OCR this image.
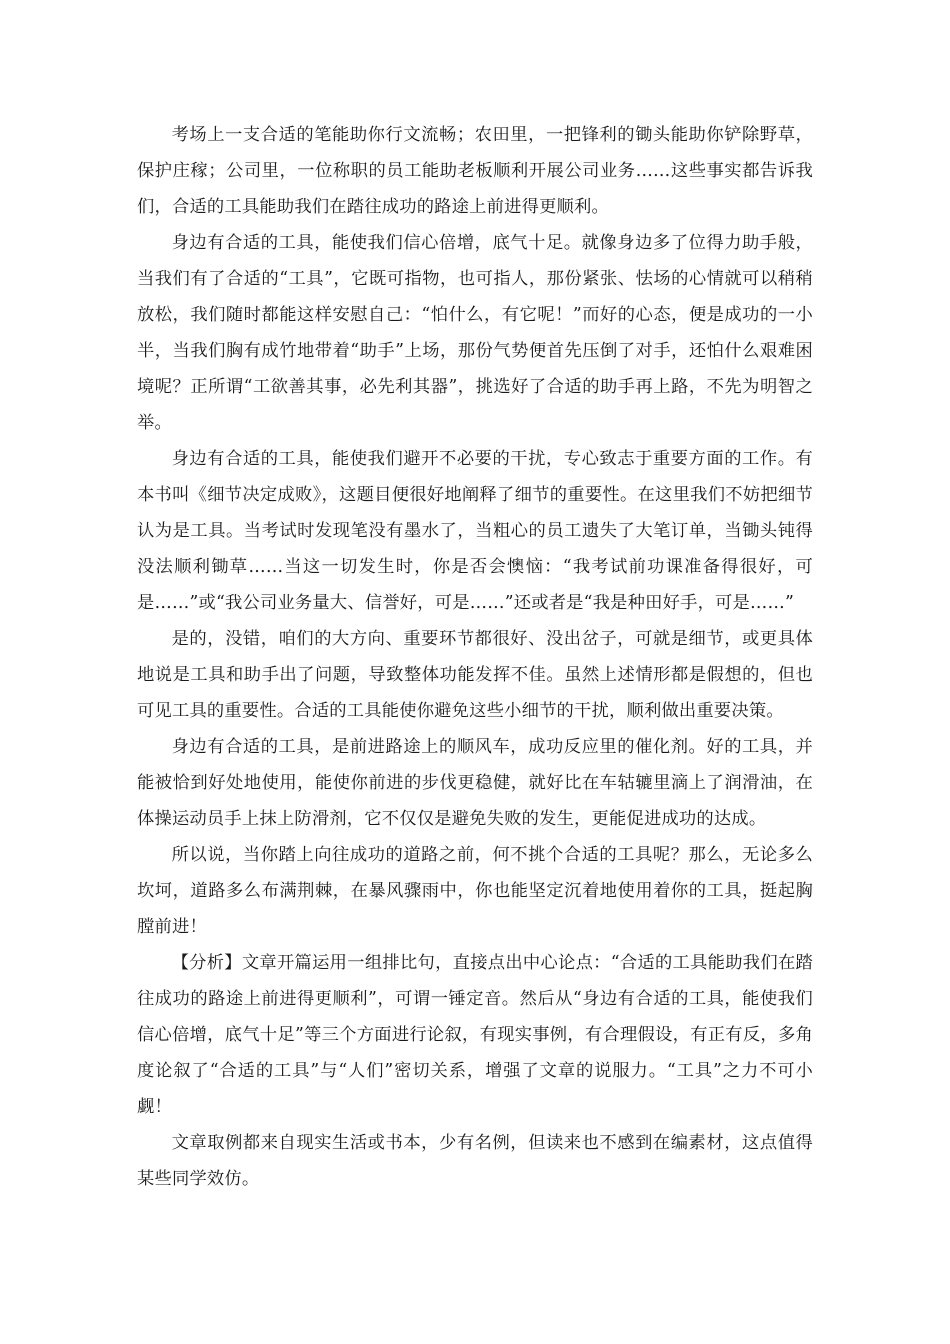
考场上一支合适的笔能助你行文流畅；农田里，一把锋利的锄头能助你铲除野草，保护庄稼；公司里，一位称职的员工能助老板顺利开展公司业务……这些事实都告诉我们，合适的工具能助我们在踏往成功的路途上前进得更顺利。

身边有合适的工具，能使我们信心倍增，底气十足。就像身边多了位得力助手般，当我们有了合适的“工具”，它既可指物，也可指人，那份紧张、怯场的心情就可以稍稍放松，我们随时都能这样安慰自己：“怕什么，有它呢！”而好的心态，便是成功的一小半，当我们胸有成竹地带着“助手”上场，那份气势便首先压倒了对手，还怕什么艰难困境呢？正所谓“工欲善其事，必先利其器”，挑选好了合适的助手再上路，不先为明智之举。

身边有合适的工具，能使我们避开不必要的干扰，专心致志于重要方面的工作。有本书叫《细节决定成败》，这题目便很好地阐释了细节的重要性。在这里我们不妨把细节认为是工具。当考试时发现笔没有墨水了，当粗心的员工遗失了大笔订单，当锄头钝得没法顺利锄草……当这一切发生时，你是否会懊恼：“我考试前功课准备得很好，可是……”或“我公司业务量大、信誉好，可是……”还或者是“我是种田好手，可是……”

是的，没错，咱们的大方向、重要环节都很好、没出岔子，可就是细节，或更具体地说是工具和助手出了问题，导致整体功能发挥不佳。虽然上述情形都是假想的，但也可见工具的重要性。合适的工具能使你避免这些小细节的干扰，顺利做出重要决策。

身边有合适的工具，是前进路途上的顺风车，成功反应里的催化剂。好的工具，并能被恰到好处地使用，能使你前进的步伐更稳健，就好比在车轱辘里滴上了润滑油，在体操运动员手上抹上防滑剂，它不仅仅是避免失败的发生，更能促进成功的达成。

所以说，当你踏上向往成功的道路之前，何不挑个合适的工具呢？那么，无论多么坎坷，道路多么布满荆棘，在暴风骤雨中，你也能坚定沉着地使用着你的工具，挺起胸膛前进！

【分析】文章开篇运用一组排比句，直接点出中心论点：“合适的工具能助我们在踏往成功的路途上前进得更顺利”，可谓一锤定音。然后从“身边有合适的工具，能使我们信心倍增，底气十足”等三个方面进行论叙，有现实事例，有合理假设，有正有反，多角度论叙了“合适的工具”与“人们”密切关系，增强了文章的说服力。“工具”之力不可小觑！

文章取例都来自现实生活或书本，少有名例，但读来也不感到在编素材，这点值得某些同学效仿。
